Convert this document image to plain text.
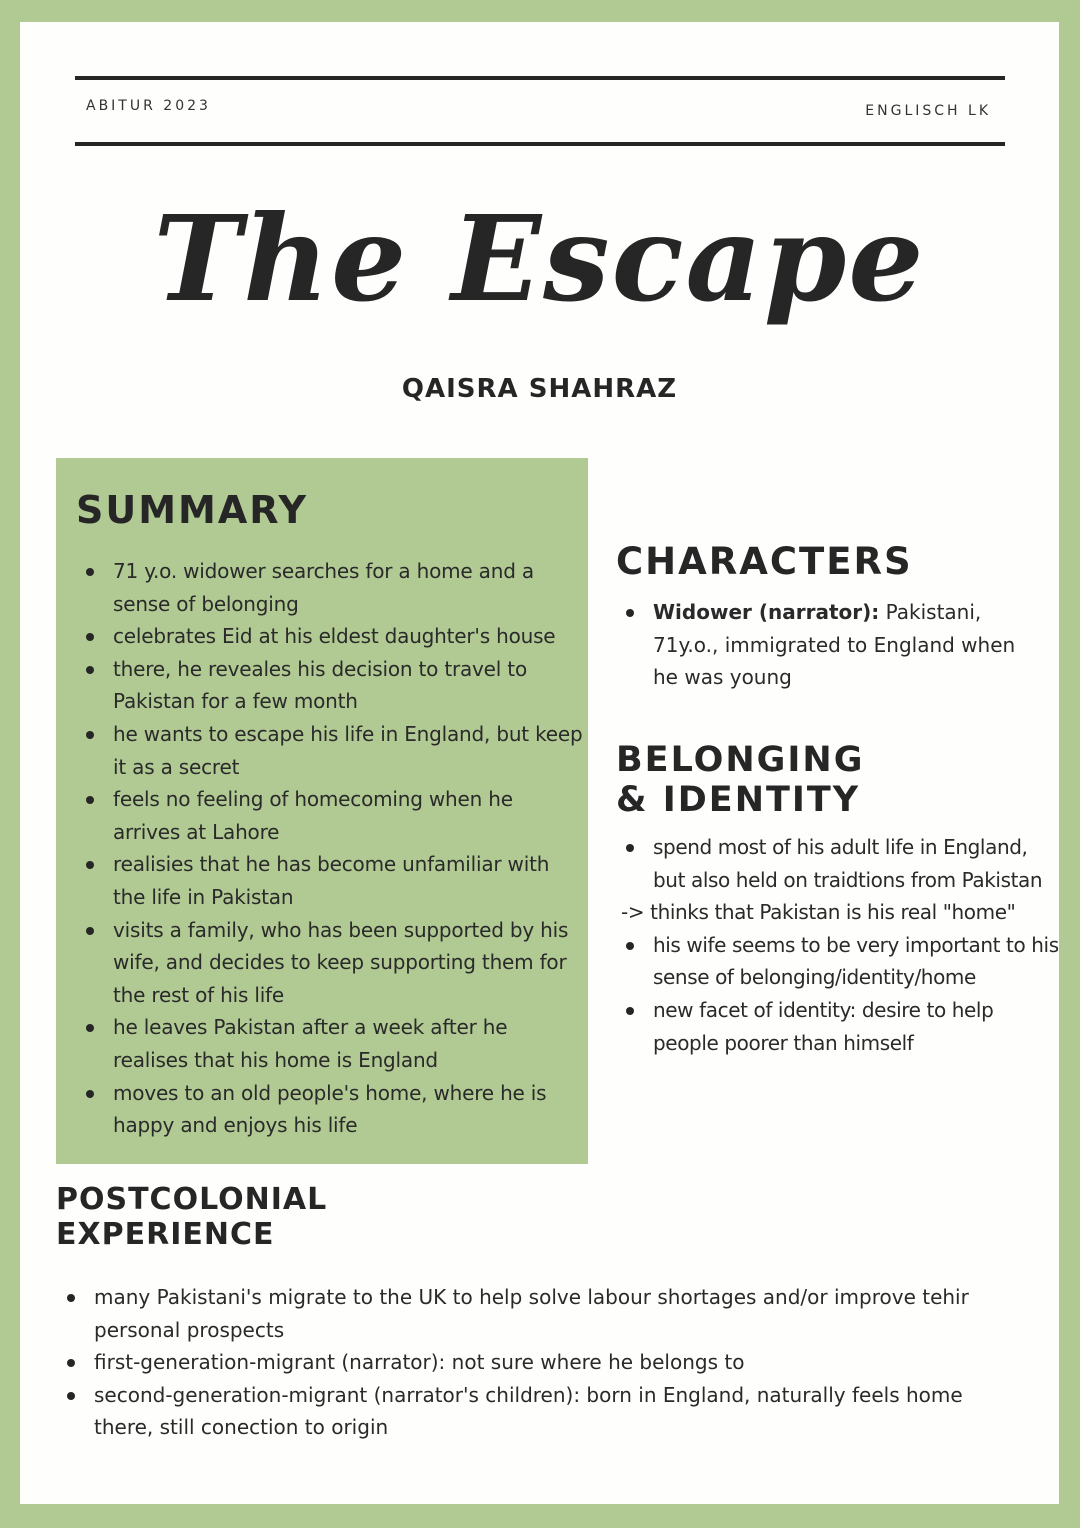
ABITUR 2023	ENGLISCH LK
The Escape
QAISRA SHAHRAZ
SUMMARY
71 y.o. widower searches for a home and a sense of belonging
celebrates Eid at his eldest daughter's house
there, he reveales his decision to travel to Pakistan for a few month
he wants to escape his life in England, but keep it as a secret
feels no feeling of homecoming when he arrives at Lahore
realisies that he has become unfamiliar with the life in Pakistan
visits a family, who has been supported by his wife, and decides to keep supporting them for the rest of his life
he leaves Pakistan after a week after he realises that his home is England
moves to an old people's home, where he is happy and enjoys his life
CHARACTERS
Widower (narrator): Pakistani, 71y.o., immigrated to England when he was young
BELONGING
& IDENTITY
spend most of his adult life in England, but also held on traidtions from Pakistan
-> thinks that Pakistan is his real "home"
his wife seems to be very important to his sense of belonging/identity/home
new facet of identity: desire to help people poorer than himself
POSTCOLONIAL
EXPERIENCE
many Pakistani's migrate to the UK to help solve labour shortages and/or improve tehir personal prospects
first-generation-migrant (narrator): not sure where he belongs to
second-generation-migrant (narrator's children): born in England, naturally feels home there, still conection to origin
